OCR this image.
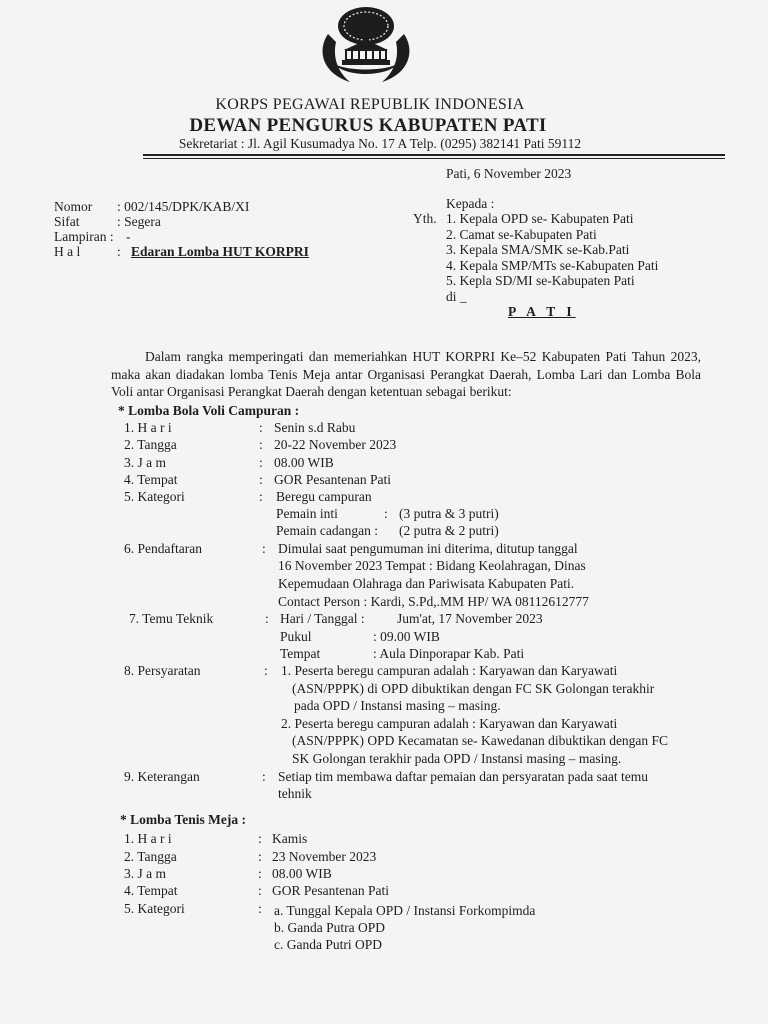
KORPS PEGAWAI REPUBLIK INDONESIA
DEWAN PENGURUS KABUPATEN PATI
Sekretariat : Jl. Agil Kusumadya No. 17 A Telp. (0295) 382141 Pati 59112
Pati, 6 November 2023
Nomor : 002/145/DPK/KAB/XI
Sifat	: Segera
Lampiran : -
H a l	: Edaran Lomba HUT KORPRI
Kepada :
Yth. 1. Kepala OPD se- Kabupaten Pati
2. Camat se-Kabupaten Pati
3. Kepala SMA/SMK se-Kab.Pati
4. Kepala SMP/MTs se-Kabupaten Pati
5. Kepla SD/MI se-Kabupaten Pati
di _
P A T I
Dalam rangka memperingati dan memeriahkan HUT KORPRI Ke–52 Kabupaten Pati Tahun 2023, maka akan diadakan lomba Tenis Meja antar Organisasi Perangkat Daerah, Lomba Lari dan Lomba Bola Voli antar Organisasi Perangkat Daerah dengan ketentuan sebagai berikut:
* Lomba Bola Voli Campuran :
1. H a r i	: Senin s.d Rabu
2. Tangga	: 20-22 November 2023
3. J a m	: 08.00 WIB
4. Tempat	: GOR Pesantenan Pati
5. Kategori	: Beregu campuran
Pemain inti	: (3 putra & 3 putri)
Pemain cadangan : (2 putra & 2 putri)
6. Pendaftaran	: Dimulai saat pengumuman ini diterima, ditutup tanggal
16 November 2023 Tempat : Bidang Keolahragan, Dinas
Kepemudaan Olahraga dan Pariwisata Kabupaten Pati.
Contact Person : Kardi, S.Pd,.MM HP/ WA 08112612777
7. Temu Teknik	: Hari / Tanggal : Jum'at, 17 November 2023
Pukul	: 09.00 WIB
Tempat	: Aula Dinporapar Kab. Pati
8. Persyaratan	: 1. Peserta beregu campuran adalah : Karyawan dan Karyawati
(ASN/PPPK) di OPD dibuktikan dengan FC SK Golongan terakhir
pada OPD / Instansi masing – masing.
2. Peserta beregu campuran adalah : Karyawan dan Karyawati
(ASN/PPPK) OPD Kecamatan se- Kawedanan dibuktikan dengan FC
SK Golongan terakhir pada OPD / Instansi masing – masing.
9. Keterangan	: Setiap tim membawa daftar pemaian dan persyaratan pada saat temu
tehnik
* Lomba Tenis Meja :
1. H a r i	: Kamis
2. Tangga	: 23 November 2023
3. J a m	: 08.00 WIB
4. Tempat	: GOR Pesantenan Pati
5. Kategori	: a. Tunggal Kepala OPD / Instansi Forkompimda
b. Ganda Putra OPD
c. Ganda Putri OPD
